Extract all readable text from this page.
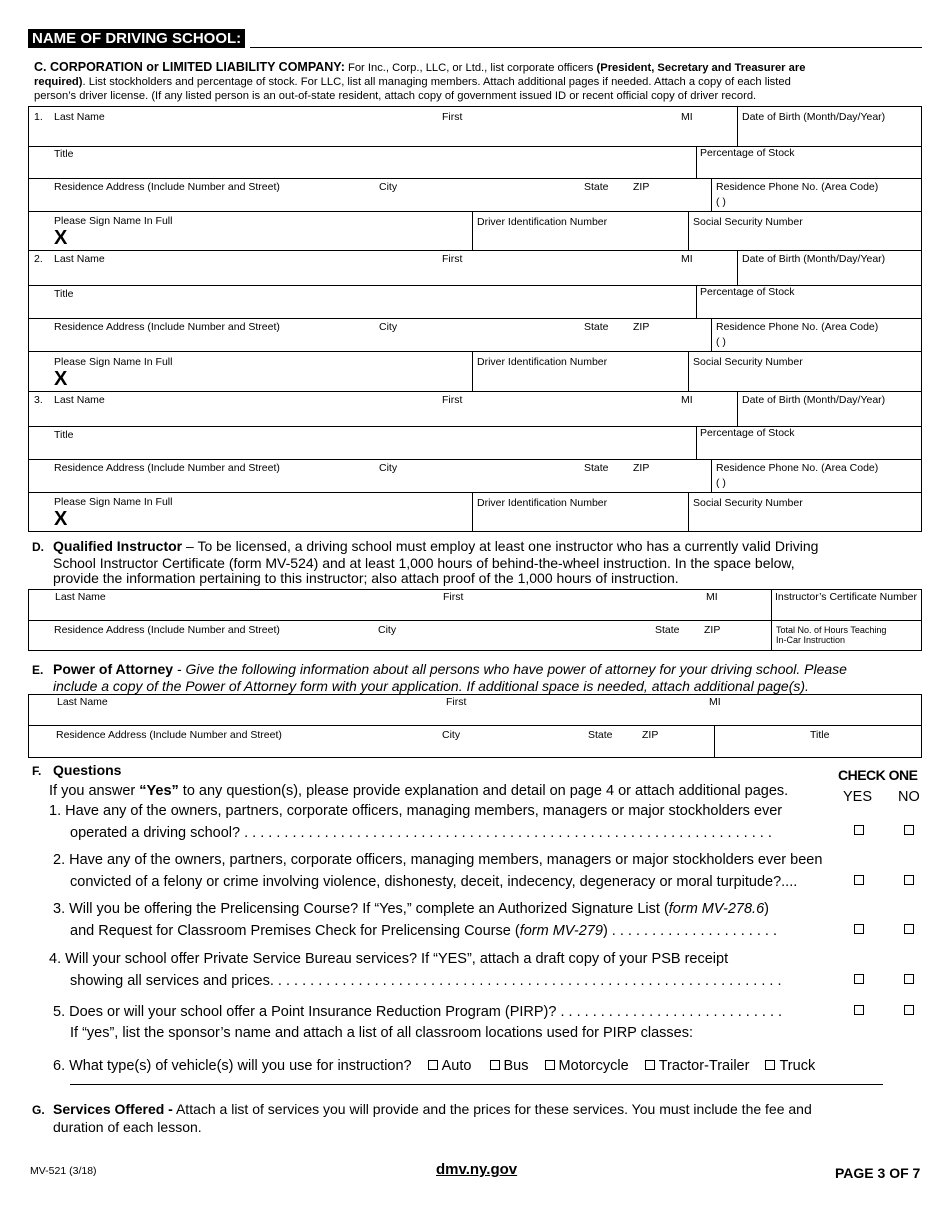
NAME OF DRIVING SCHOOL:
C. CORPORATION or LIMITED LIABILITY COMPANY: For Inc., Corp., LLC, or Ltd., list corporate officers (President, Secretary and Treasurer are
required). List stockholders and percentage of stock. For LLC, list all managing members. Attach additional pages if needed. Attach a copy of each listed
person’s driver license. (If any listed person is an out-of-state resident, attach copy of government issued ID or recent official copy of driver record.
1. Last Name	First	MI	Date of Birth (Month/Day/Year)
Title	Percentage of Stock
Residence Address (Include Number and Street)	City	State ZIP	Residence Phone No. (Area Code)
( )
Please Sign Name In Full
X
Driver Identification Number	Social Security Number
2. Last Name	First	MI	Date of Birth (Month/Day/Year)
Title	Percentage of Stock
Residence Address (Include Number and Street)	City	State ZIP	Residence Phone No. (Area Code)
( )
Please Sign Name In Full
X
Driver Identification Number	Social Security Number
3. Last Name	First	MI	Date of Birth (Month/Day/Year)
Title	Percentage of Stock
Residence Address (Include Number and Street)	City	State ZIP	Residence Phone No. (Area Code)
( )
Please Sign Name In Full
X
Driver Identification Number	Social Security Number
D. Qualified Instructor – To be licensed, a driving school must employ at least one instructor who has a currently valid Driving
School Instructor Certificate (form MV-524) and at least 1,000 hours of behind-the-wheel instruction. In the space below,
provide the information pertaining to this instructor; also attach proof of the 1,000 hours of instruction.
Last Name	First	MI	Instructor’s Certificate Number
Residence Address (Include Number and Street)	City	State ZIP	Total No. of Hours Teaching
In-Car Instruction
E. Power of Attorney - Give the following information about all persons who have power of attorney for your driving school. Please
include a copy of the Power of Attorney form with your application. If additional space is needed, attach additional page(s).
Last Name	First	MI
Residence Address (Include Number and Street)	City	State	ZIP	Title
F. Questions	CHECK ONE
YES NO
If you answer “Yes” to any question(s), please provide explanation and detail on page 4 or attach additional pages.
1. Have any of the owners, partners, corporate officers, managing members, managers or major stockholders ever
operated a driving school? . . . . . . . . . . . . . . . . . . . . . . . . . . . . . . . . . . . . . . . . . . . . . . . . . . . . . . . . . . . . . . . . . .
2. Have any of the owners, partners, corporate officers, managing members, managers or major stockholders ever been
convicted of a felony or crime involving violence, dishonesty, deceit, indecency, degeneracy or moral turpitude?....
3. Will you be offering the Prelicensing Course? If “Yes,” complete an Authorized Signature List (form MV-278.6)
and Request for Classroom Premises Check for Prelicensing Course (form MV-279) . . . . . . . . . . . . . . . . . . . . .
4. Will your school offer Private Service Bureau services? If “YES”, attach a draft copy of your PSB receipt
showing all services and prices. . . . . . . . . . . . . . . . . . . . . . . . . . . . . . . . . . . . . . . . . . . . . . . . . . . . . . . . . . . . . . . .
5. Does or will your school offer a Point Insurance Reduction Program (PIRP)? . . . . . . . . . . . . . . . . . . . . . . . . . . . .
If “yes”, list the sponsor’s name and attach a list of all classroom locations used for PIRP classes:
6. What type(s) of vehicle(s) will you use for instruction? Auto Bus Motorcycle Tractor-Trailer Truck
G. Services Offered - Attach a list of services you will provide and the prices for these services. You must include the fee and
duration of each lesson.
MV-521 (3/18)	dmv.ny.gov	PAGE 3 OF 7
